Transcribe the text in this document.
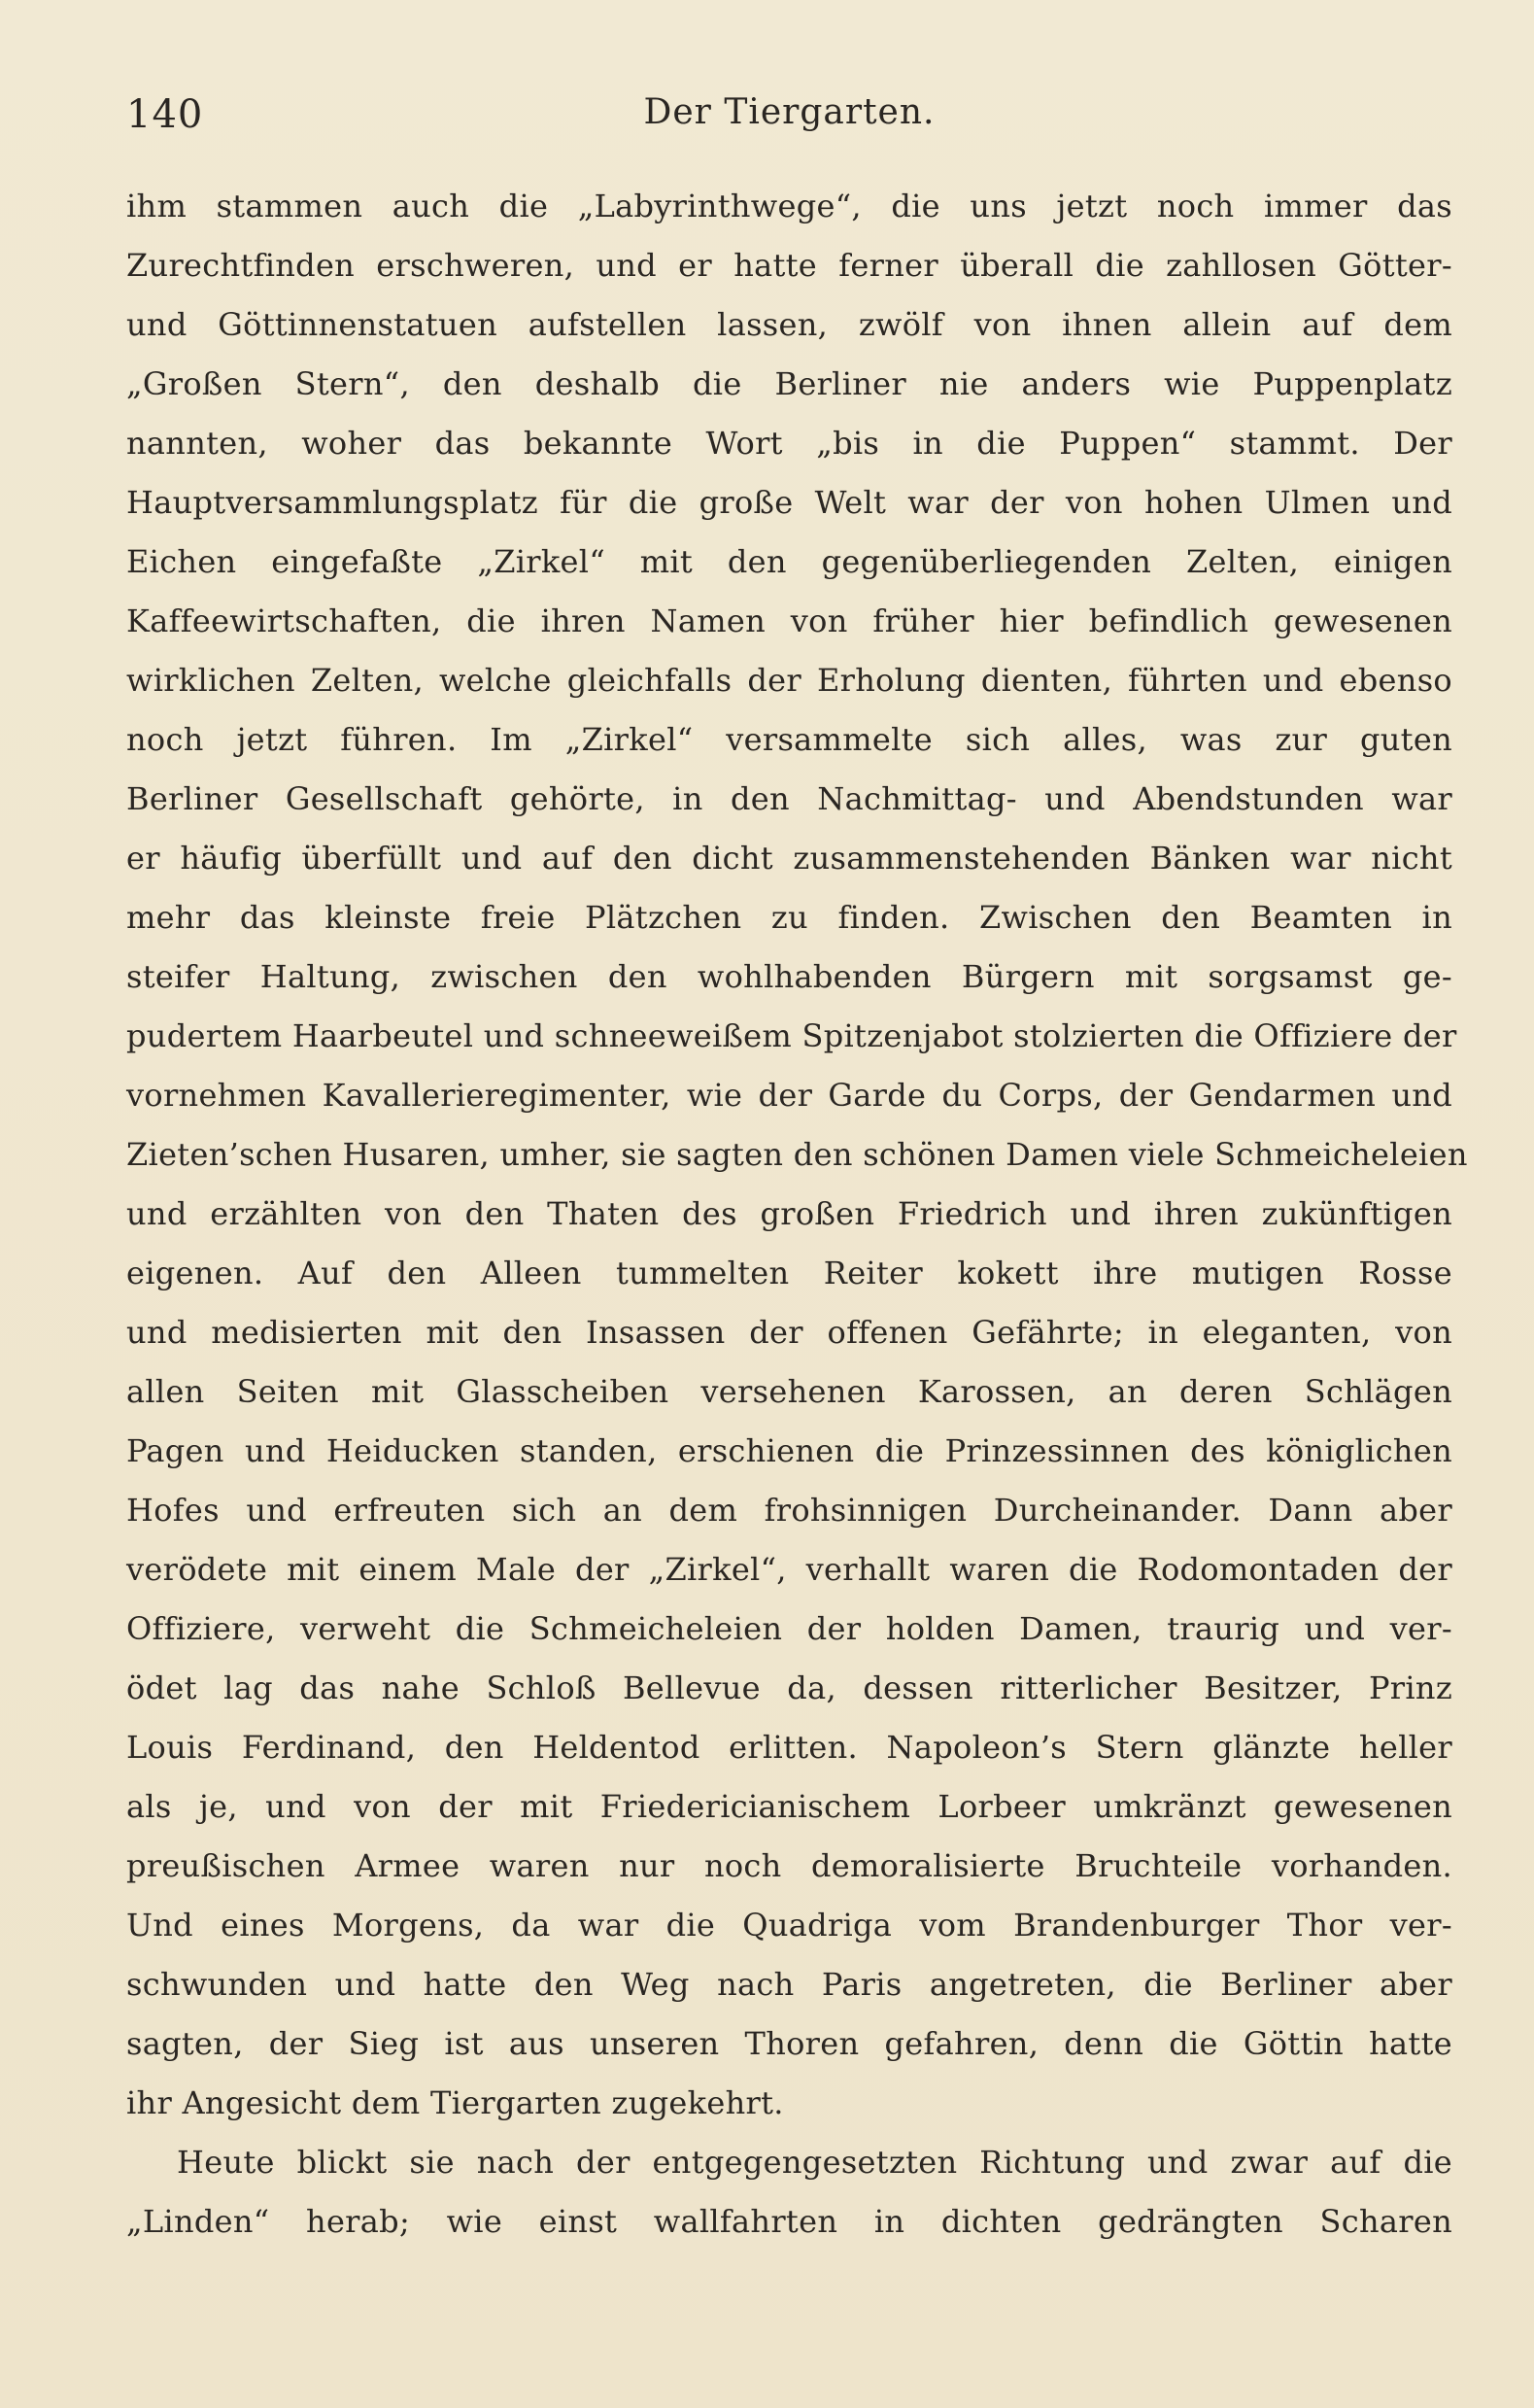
140	Der Tiergarten.
ihm stammen auch die „Labyrinthwege“, die uns jetzt noch immer das
Zurechtfinden erschweren, und er hatte ferner überall die zahllosen Götter-
und Göttinnenstatuen aufstellen lassen, zwölf von ihnen allein auf dem
„Großen Stern“, den deshalb die Berliner nie anders wie Puppenplatz
nannten, woher das bekannte Wort „bis in die Puppen“ stammt. Der
Hauptversammlungsplatz für die große Welt war der von hohen Ulmen und
Eichen eingefaßte „Zirkel“ mit den gegenüberliegenden Zelten, einigen
Kaffeewirtschaften, die ihren Namen von früher hier befindlich gewesenen
wirklichen Zelten, welche gleichfalls der Erholung dienten, führten und ebenso
noch jetzt führen. Im „Zirkel“ versammelte sich alles, was zur guten
Berliner Gesellschaft gehörte, in den Nachmittag- und Abendstunden war
er häufig überfüllt und auf den dicht zusammenstehenden Bänken war nicht
mehr das kleinste freie Plätzchen zu finden. Zwischen den Beamten in
steifer Haltung, zwischen den wohlhabenden Bürgern mit sorgsamst ge-
pudertem Haarbeutel und schneeweißem Spitzenjabot stolzierten die Offiziere der
vornehmen Kavallerieregimenter, wie der Garde du Corps, der Gendarmen und
Zieten’schen Husaren, umher, sie sagten den schönen Damen viele Schmeicheleien
und erzählten von den Thaten des großen Friedrich und ihren zukünftigen
eigenen. Auf den Alleen tummelten Reiter kokett ihre mutigen Rosse
und medisierten mit den Insassen der offenen Gefährte; in eleganten, von
allen Seiten mit Glasscheiben versehenen Karossen, an deren Schlägen
Pagen und Heiducken standen, erschienen die Prinzessinnen des königlichen
Hofes und erfreuten sich an dem frohsinnigen Durcheinander. Dann aber
verödete mit einem Male der „Zirkel“, verhallt waren die Rodomontaden der
Offiziere, verweht die Schmeicheleien der holden Damen, traurig und ver-
ödet lag das nahe Schloß Bellevue da, dessen ritterlicher Besitzer, Prinz
Louis Ferdinand, den Heldentod erlitten. Napoleon’s Stern glänzte heller
als je, und von der mit Friedericianischem Lorbeer umkränzt gewesenen
preußischen Armee waren nur noch demoralisierte Bruchteile vorhanden.
Und eines Morgens, da war die Quadriga vom Brandenburger Thor ver-
schwunden und hatte den Weg nach Paris angetreten, die Berliner aber
sagten, der Sieg ist aus unseren Thoren gefahren, denn die Göttin hatte
ihr Angesicht dem Tiergarten zugekehrt.
Heute blickt sie nach der entgegengesetzten Richtung und zwar auf die
„Linden“ herab; wie einst wallfahrten in dichten gedrängten Scharen
